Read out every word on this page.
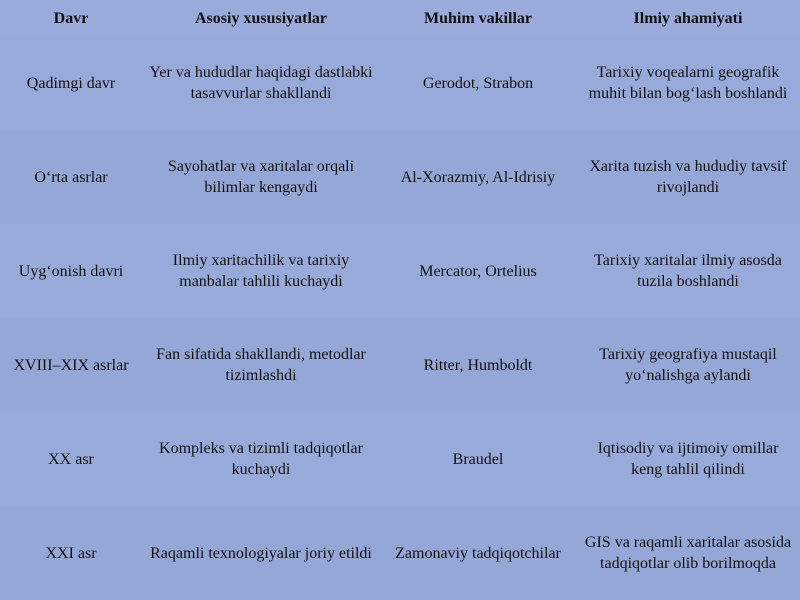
Davr	Asosiy xususiyatlar	Muhim vakillar	Ilmiy ahamiyati
Qadimgi davr	Yer va hududlar haqidagi dastlabki tasavvurlar shakllandi	Gerodot, Strabon	Tarixiy voqealarni geografik muhit bilan bog‘lash boshlandi
O‘rta asrlar	Sayohatlar va xaritalar orqali bilimlar kengaydi	Al-Xorazmiy, Al-Idrisiy	Xarita tuzish va hududiy tavsif rivojlandi
Uyg‘onish davri	Ilmiy xaritachilik va tarixiy manbalar tahlili kuchaydi	Mercator, Ortelius	Tarixiy xaritalar ilmiy asosda tuzila boshlandi
XVIII–XIX asrlar	Fan sifatida shakllandi, metodlar tizimlashdi	Ritter, Humboldt	Tarixiy geografiya mustaqil yo‘nalishga aylandi
XX asr	Kompleks va tizimli tadqiqotlar kuchaydi	Braudel	Iqtisodiy va ijtimoiy omillar keng tahlil qilindi
XXI asr	Raqamli texnologiyalar joriy etildi	Zamonaviy tadqiqotchilar	GIS va raqamli xaritalar asosida tadqiqotlar olib borilmoqda
